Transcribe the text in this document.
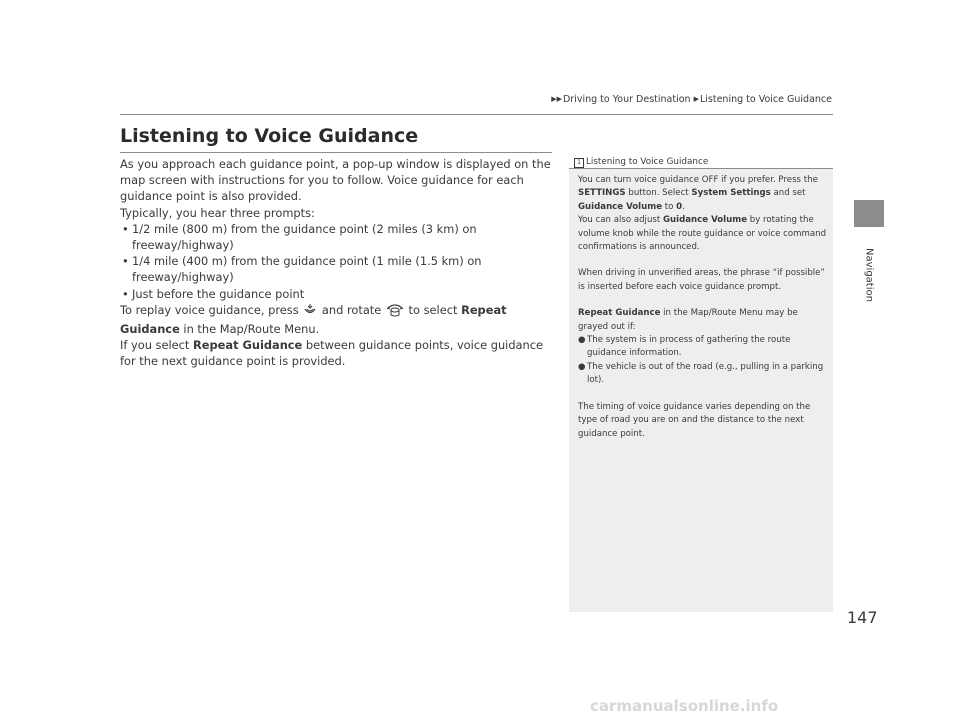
▶▶Driving to Your Destination ▶Listening to Voice Guidance
Navigation
Listening to Voice Guidance

As you approach each guidance point, a pop-up window is displayed on the map screen with instructions for you to follow. Voice guidance for each guidance point is also provided.

Typically, you hear three prompts:

• 1/2 mile (800 m) from the guidance point (2 miles (3 km) on freeway/highway)
• 1/4 mile (400 m) from the guidance point (1 mile (1.5 km) on freeway/highway)
• Just before the guidance point

To replay voice guidance, press and rotate to select Repeat Guidance in the Map/Route Menu.

If you select Repeat Guidance between guidance points, voice guidance for the next guidance point is provided.

1 Listening to Voice Guidance

You can turn voice guidance OFF if you prefer. Press the SETTINGS button. Select System Settings and set Guidance Volume to 0.

You can also adjust Guidance Volume by rotating the volume knob while the route guidance or voice command confirmations is announced.

When driving in unverified areas, the phrase “if possible” is inserted before each voice guidance prompt.

Repeat Guidance in the Map/Route Menu may be grayed out if:

● The system is in process of gathering the route guidance information.
● The vehicle is out of the road (e.g., pulling in a parking lot).

The timing of voice guidance varies depending on the type of road you are on and the distance to the next guidance point.

147
carmanualsonline.info
